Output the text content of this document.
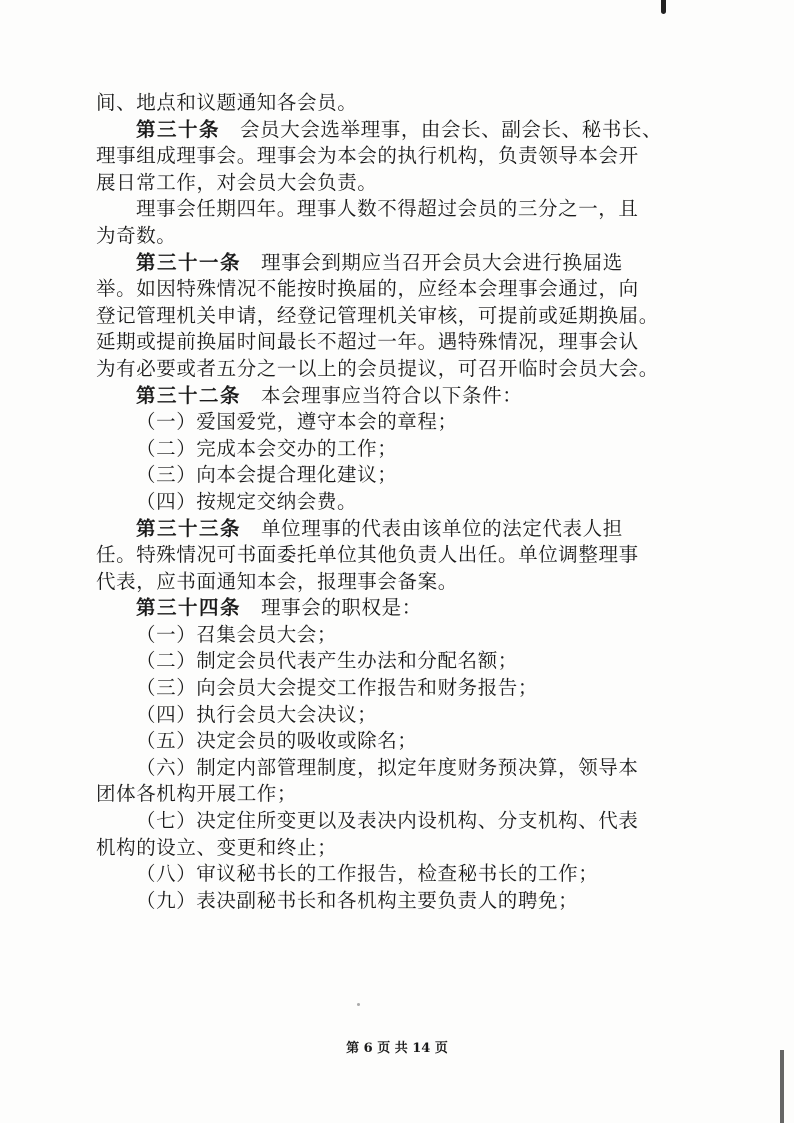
间、地点和议题通知各会员。
第三十条 会员大会选举理事，由会长、副会长、秘书长、
理事组成理事会。理事会为本会的执行机构，负责领导本会开
展日常工作，对会员大会负责。
理事会任期四年。理事人数不得超过会员的三分之一，且
为奇数。
第三十一条 理事会到期应当召开会员大会进行换届选
举。如因特殊情况不能按时换届的，应经本会理事会通过，向
登记管理机关申请，经登记管理机关审核，可提前或延期换届。
延期或提前换届时间最长不超过一年。遇特殊情况，理事会认
为有必要或者五分之一以上的会员提议，可召开临时会员大会。
第三十二条 本会理事应当符合以下条件：
（一）爱国爱党，遵守本会的章程；
（二）完成本会交办的工作；
（三）向本会提合理化建议；
（四）按规定交纳会费。
第三十三条 单位理事的代表由该单位的法定代表人担
任。特殊情况可书面委托单位其他负责人出任。单位调整理事
代表，应书面通知本会，报理事会备案。
第三十四条 理事会的职权是：
（一）召集会员大会；
（二）制定会员代表产生办法和分配名额；
（三）向会员大会提交工作报告和财务报告；
（四）执行会员大会决议；
（五）决定会员的吸收或除名；
（六）制定内部管理制度，拟定年度财务预决算，领导本
团体各机构开展工作；
（七）决定住所变更以及表决内设机构、分支机构、代表
机构的设立、变更和终止；
（八）审议秘书长的工作报告，检查秘书长的工作；
（九）表决副秘书长和各机构主要负责人的聘免；
第 6 页 共 14 页
